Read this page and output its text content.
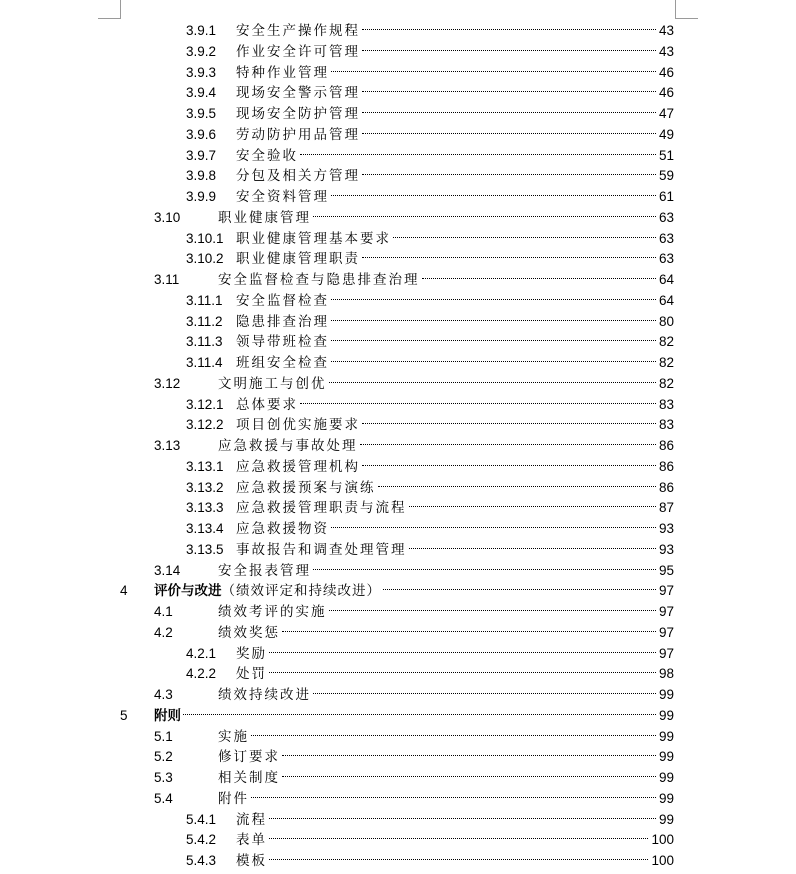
3.9.1 安全生产操作规程	43
3.9.2 作业安全许可管理	43
3.9.3 特种作业管理	46
3.9.4 现场安全警示管理	46
3.9.5 现场安全防护管理	47
3.9.6 劳动防护用品管理	49
3.9.7 安全验收	51
3.9.8 分包及相关方管理	59
3.9.9 安全资料管理	61
3.10	职业健康管理	63
3.10.1 职业健康管理基本要求	63
3.10.2 职业健康管理职责	63
3.11	安全监督检查与隐患排查治理	64
3.11.1 安全监督检查	64
3.11.2 隐患排查治理	80
3.11.3 领导带班检查	82
3.11.4 班组安全检查	82
3.12	文明施工与创优	82
3.12.1 总体要求	83
3.12.2 项目创优实施要求	83
3.13	应急救援与事故处理	86
3.13.1 应急救援管理机构	86
3.13.2 应急救援预案与演练	86
3.13.3 应急救援管理职责与流程	87
3.13.4 应急救援物资	93
3.13.5 事故报告和调查处理管理	93
3.14	安全报表管理	95
4 评价与改进 （绩效评定和持续改进）	97
4.1	绩效考评的实施	97
4.2	绩效奖惩	97
4.2.1 奖励	97
4.2.2 处罚	98
4.3	绩效持续改进	99
5 附则	99
5.1	实施	99
5.2	修订要求	99
5.3	相关制度	99
5.4	附件	99
5.4.1 流程	99
5.4.2 表单	100
5.4.3 模板	100
